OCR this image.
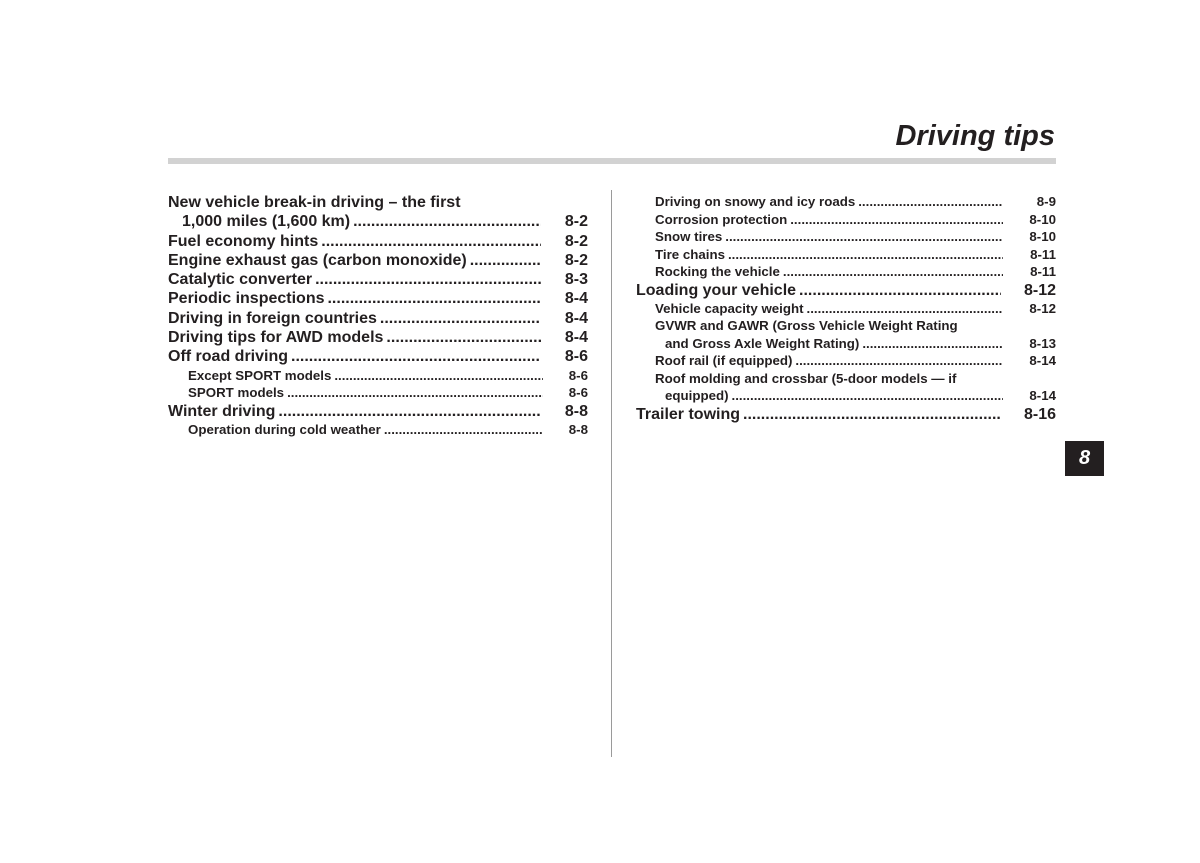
Driving tips
8
New vehicle break-in driving – the first
1,000 miles (1,600 km) .....	8-2
Fuel economy hints .....	8-2
Engine exhaust gas (carbon monoxide) .....	8-2
Catalytic converter .....	8-3
Periodic inspections .....	8-4
Driving in foreign countries .....	8-4
Driving tips for AWD models .....	8-4
Off road driving .....	8-6
Except SPORT models .....	8-6
SPORT models .....	8-6
Winter driving .....	8-8
Operation during cold weather .....	8-8
Driving on snowy and icy roads .....	8-9
Corrosion protection .....	8-10
Snow tires .....	8-10
Tire chains .....	8-11
Rocking the vehicle .....	8-11
Loading your vehicle .....	8-12
Vehicle capacity weight .....	8-12
GVWR and GAWR (Gross Vehicle Weight Rating
and Gross Axle Weight Rating) .....	8-13
Roof rail (if equipped) .....	8-14
Roof molding and crossbar (5-door models — if
equipped) .....	8-14
Trailer towing .....	8-16
